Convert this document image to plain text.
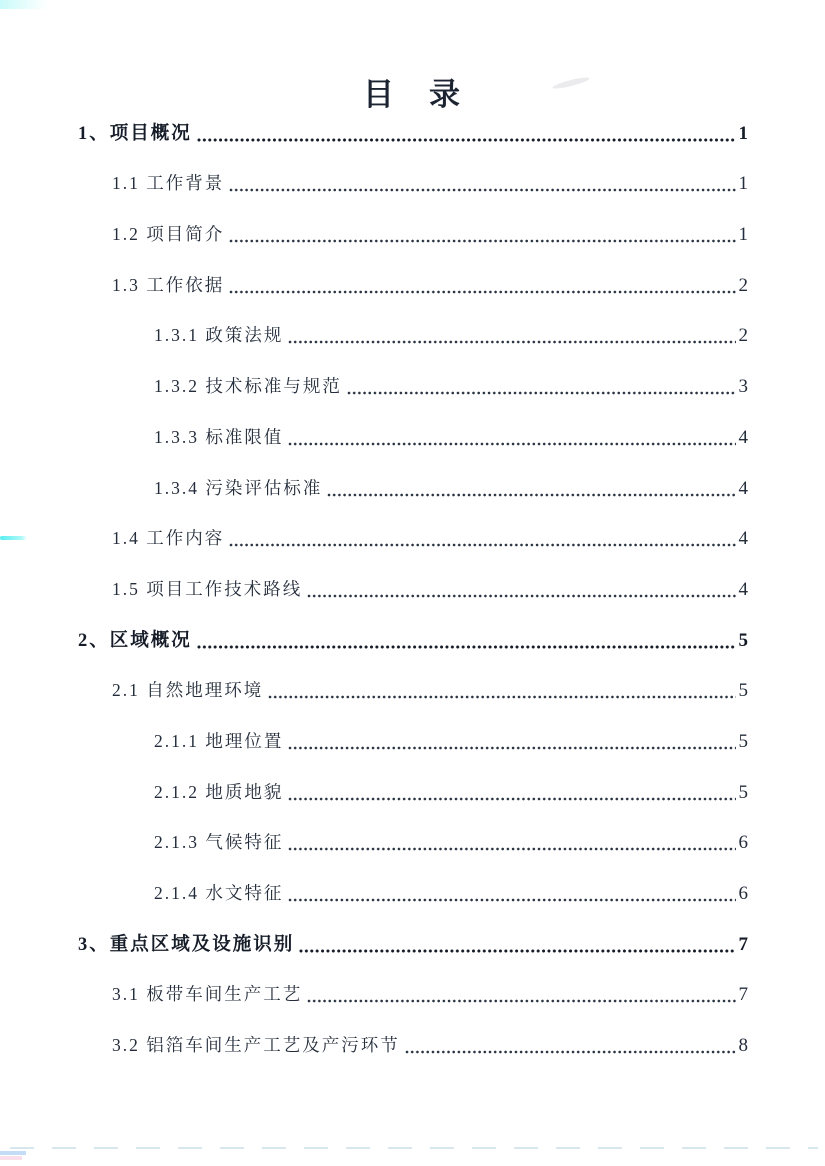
目　录
1、项目概况	1
1.1 工作背景	1
1.2 项目简介	1
1.3 工作依据	2
1.3.1 政策法规	2
1.3.2 技术标准与规范	3
1.3.3 标准限值	4
1.3.4 污染评估标准	4
1.4 工作内容	4
1.5 项目工作技术路线	4
2、区域概况	5
2.1 自然地理环境	5
2.1.1 地理位置	5
2.1.2 地质地貌	5
2.1.3 气候特征	6
2.1.4 水文特征	6
3、重点区域及设施识别	7
3.1 板带车间生产工艺	7
3.2 铝箔车间生产工艺及产污环节	8
